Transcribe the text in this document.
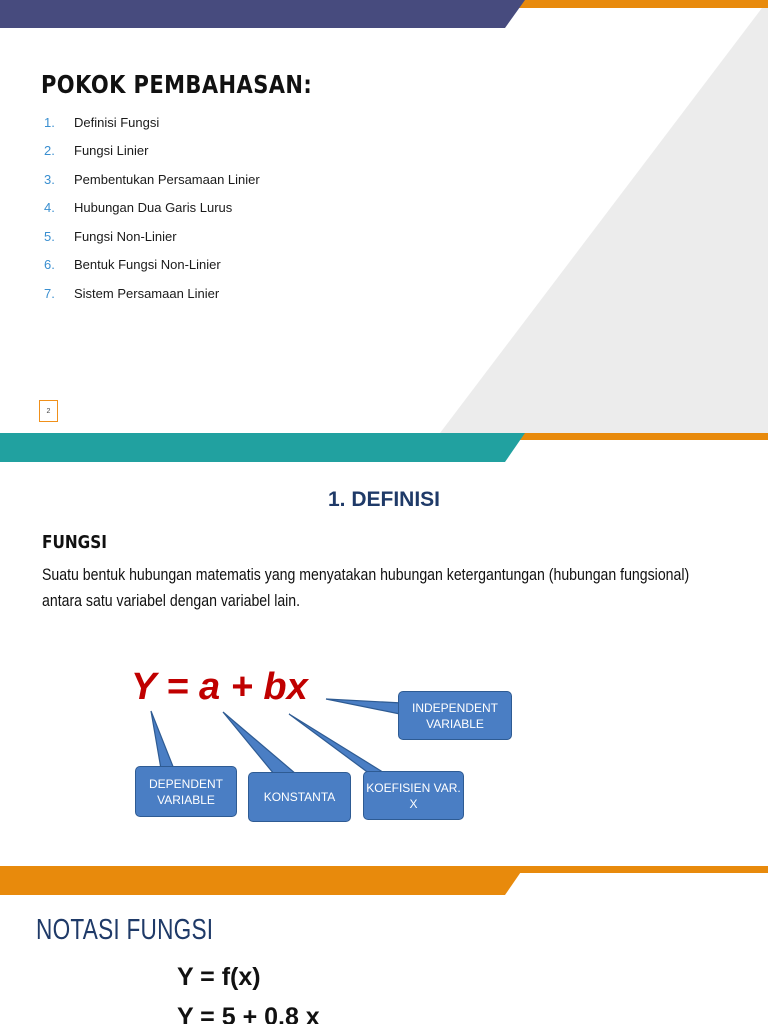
POKOK PEMBAHASAN:
1.	Definisi Fungsi
2.	Fungsi Linier
3.	Pembentukan Persamaan Linier
4.	Hubungan Dua Garis Lurus
5.	Fungsi Non-Linier
6.	Bentuk Fungsi Non-Linier
7.	Sistem Persamaan Linier
2
1. DEFINISI
FUNGSI
Suatu bentuk hubungan matematis yang menyatakan hubungan ketergantungan (hubungan fungsional) antara satu variabel dengan variabel lain.
Y = a + bx	INDEPENDENT VARIABLE
DEPENDENT VARIABLE	KONSTANTA
KOEFISIEN VAR. X
NOTASI FUNGSI
Y = f(x)
Y = 5 + 0.8 x
